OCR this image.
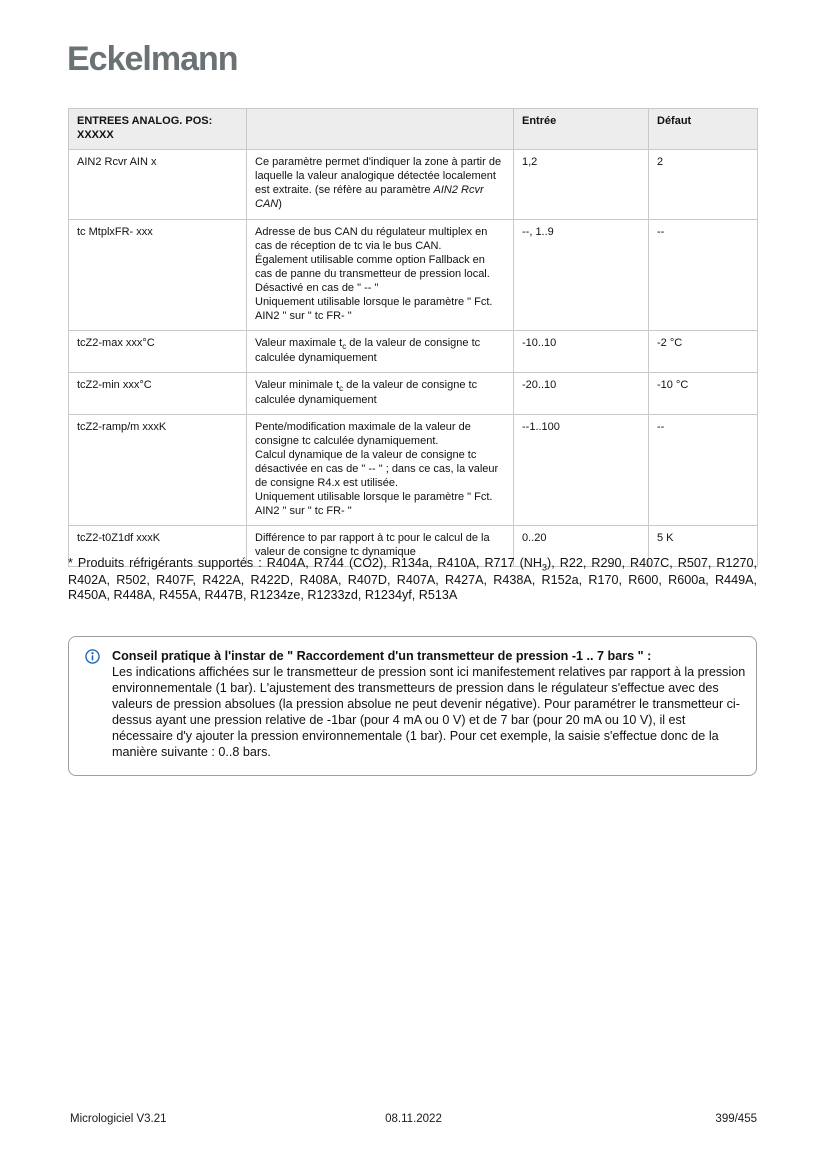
Eckelmann
ENTREES ANALOG. POS: XXXXX		Entrée	Défaut
AIN2 Rcvr AIN x	Ce paramètre permet d'indiquer la zone à partir de laquelle la valeur analogique détectée localement est extraite. (se réfère au paramètre AIN2 Rcvr CAN)	1,2	2
tc MtplxFR- xxx	Adresse de bus CAN du régulateur multiplex en cas de réception de tc via le bus CAN.
Également utilisable comme option Fallback en cas de panne du transmetteur de pression local.
Désactivé en cas de " -- "
Uniquement utilisable lorsque le paramètre " Fct. AIN2 " sur " tc FR- "	--, 1..9	--
tcZ2-max xxx°C	Valeur maximale $t_c$ de la valeur de consigne tc calculée dynamiquement	-10..10	-2 °C
tcZ2-min xxx°C	Valeur minimale $t_c$ de la valeur de consigne tc calculée dynamiquement	-20..10	-10 °C
tcZ2-ramp/m xxxK	Pente/modification maximale de la valeur de consigne tc calculée dynamiquement.
Calcul dynamique de la valeur de consigne tc désactivée en cas de " -- " ; dans ce cas, la valeur de consigne R4.x est utilisée.
Uniquement utilisable lorsque le paramètre " Fct. AIN2 " sur " tc FR- "	--1..100	--
tcZ2-t0Z1df xxxK	Différence to par rapport à tc pour le calcul de la valeur de consigne tc dynamique	0..20	5 K

* Produits réfrigérants supportés : R404A, R744 (CO2), R134a, R410A, R717 $(NH_3)$, R22, R290, R407C, R507, R1270, R402A, R502, R407F, R422A, R422D, R408A, R407D, R407A, R427A, R438A, R152a, R170, R600, R600a, R449A, R450A, R448A, R455A, R447B, R1234ze, R1233zd, R1234yf, R513A

Conseil pratique à l'instar de " Raccordement d'un transmetteur de pression -1 .. 7 bars " :
Les indications affichées sur le transmetteur de pression sont ici manifestement relatives par rapport à la pression environnementale (1 bar). L'ajustement des transmetteurs de pression dans le régulateur s'effectue avec des valeurs de pression absolues (la pression absolue ne peut devenir négative). Pour paramétrer le transmetteur ci-dessus ayant une pression relative de -1bar (pour 4 mA ou 0 V) et de 7 bar (pour 20 mA ou 10 V), il est nécessaire d'y ajouter la pression environnementale (1 bar). Pour cet exemple, la saisie s'effectue donc de la manière suivante : 0..8 bars.
08.11.2022
Micrologiciel V3.21	399/455
